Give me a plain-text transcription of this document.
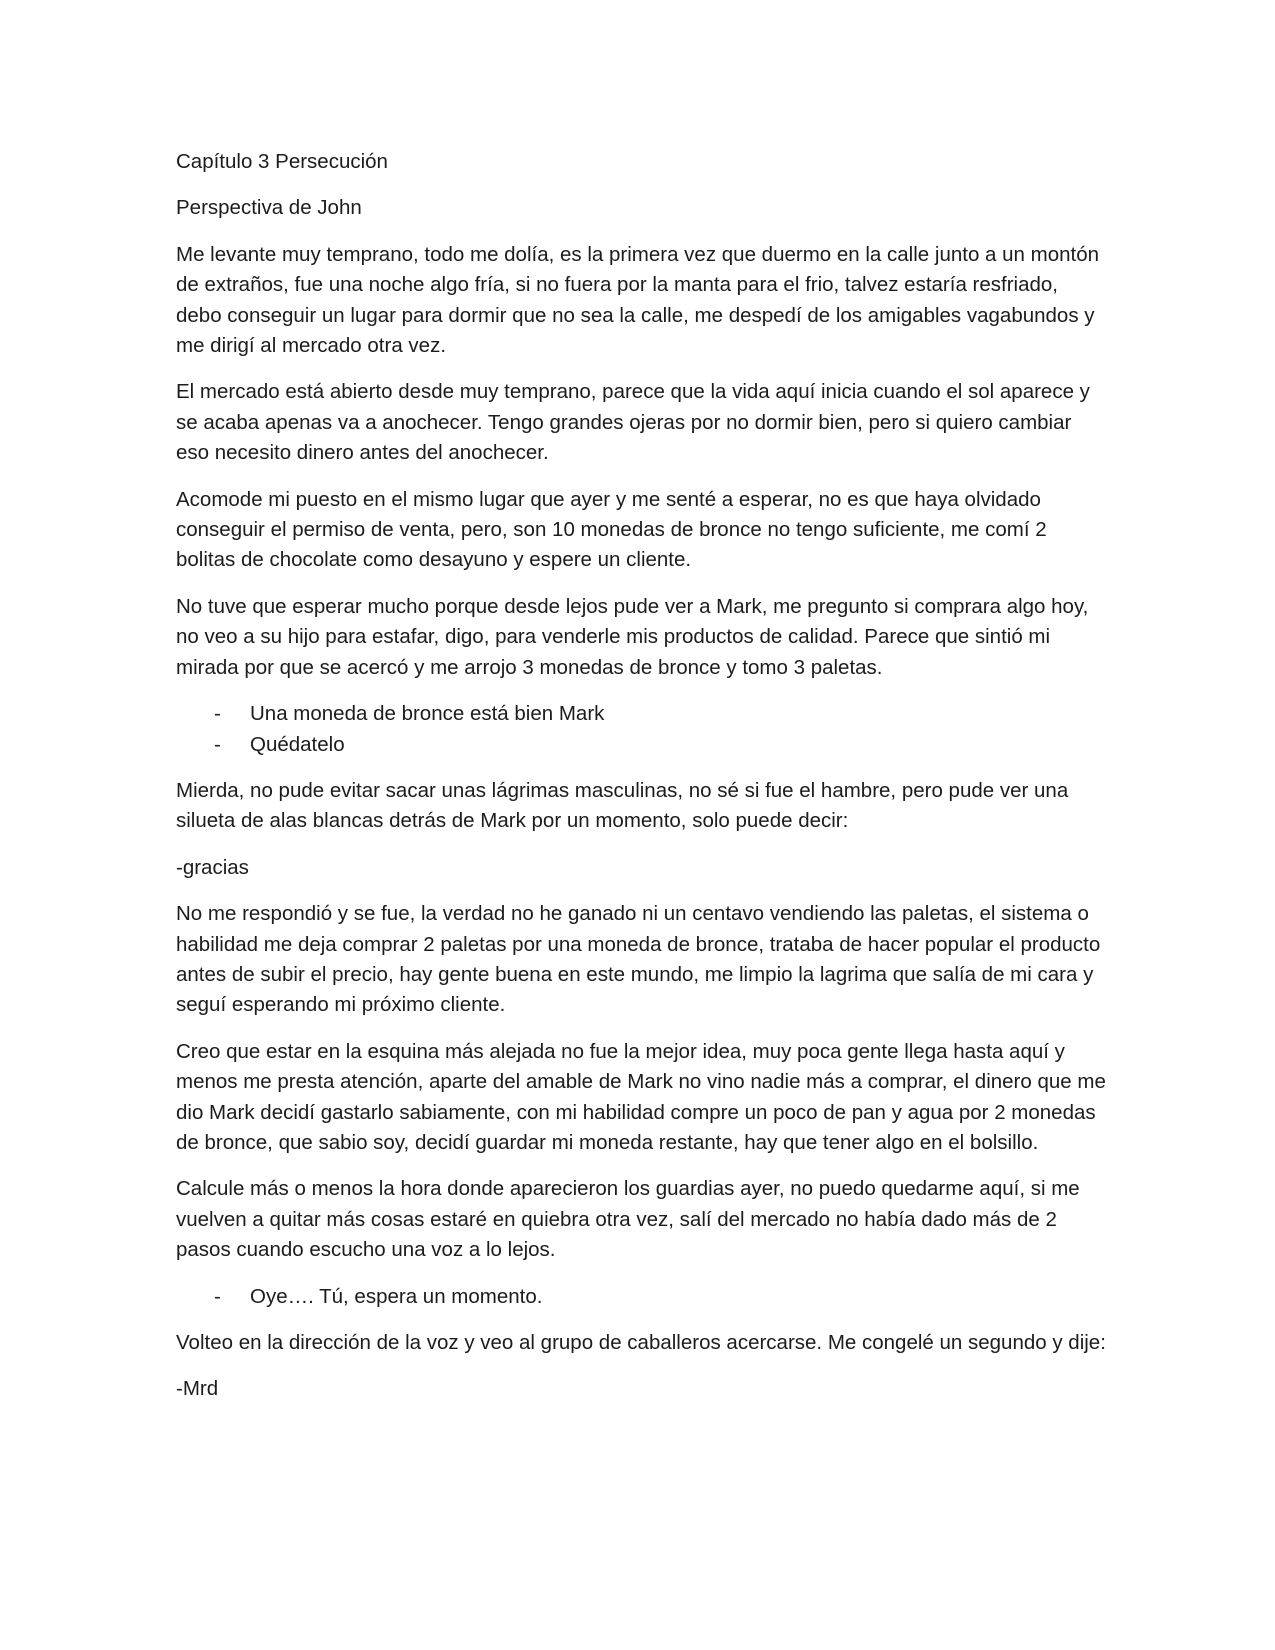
Capítulo 3 Persecución

Perspectiva de John

Me levante muy temprano, todo me dolía, es la primera vez que duermo en la calle junto a un montón de extraños, fue una noche algo fría, si no fuera por la manta para el frio, talvez estaría resfriado, debo conseguir un lugar para dormir que no sea la calle, me despedí de los amigables vagabundos y me dirigí al mercado otra vez.

El mercado está abierto desde muy temprano, parece que la vida aquí inicia cuando el sol aparece y se acaba apenas va a anochecer. Tengo grandes ojeras por no dormir bien, pero si quiero cambiar eso necesito dinero antes del anochecer.

Acomode mi puesto en el mismo lugar que ayer y me senté a esperar, no es que haya olvidado conseguir el permiso de venta, pero, son 10 monedas de bronce no tengo suficiente, me comí 2 bolitas de chocolate como desayuno y espere un cliente.

No tuve que esperar mucho porque desde lejos pude ver a Mark, me pregunto si comprara algo hoy, no veo a su hijo para estafar, digo, para venderle mis productos de calidad. Parece que sintió mi mirada por que se acercó y me arrojo 3 monedas de bronce y tomo 3 paletas.

- Una moneda de bronce está bien Mark
- Quédatelo

Mierda, no pude evitar sacar unas lágrimas masculinas, no sé si fue el hambre, pero pude ver una silueta de alas blancas detrás de Mark por un momento, solo puede decir:

-gracias

No me respondió y se fue, la verdad no he ganado ni un centavo vendiendo las paletas, el sistema o habilidad me deja comprar 2 paletas por una moneda de bronce, trataba de hacer popular el producto antes de subir el precio, hay gente buena en este mundo, me limpio la lagrima que salía de mi cara y seguí esperando mi próximo cliente.

Creo que estar en la esquina más alejada no fue la mejor idea, muy poca gente llega hasta aquí y menos me presta atención, aparte del amable de Mark no vino nadie más a comprar, el dinero que me dio Mark decidí gastarlo sabiamente, con mi habilidad compre un poco de pan y agua por 2 monedas de bronce, que sabio soy, decidí guardar mi moneda restante, hay que tener algo en el bolsillo.

Calcule más o menos la hora donde aparecieron los guardias ayer, no puedo quedarme aquí, si me vuelven a quitar más cosas estaré en quiebra otra vez, salí del mercado no había dado más de 2 pasos cuando escucho una voz a lo lejos.

- Oye…. Tú, espera un momento.

Volteo en la dirección de la voz y veo al grupo de caballeros acercarse. Me congelé un segundo y dije:

-Mrd
